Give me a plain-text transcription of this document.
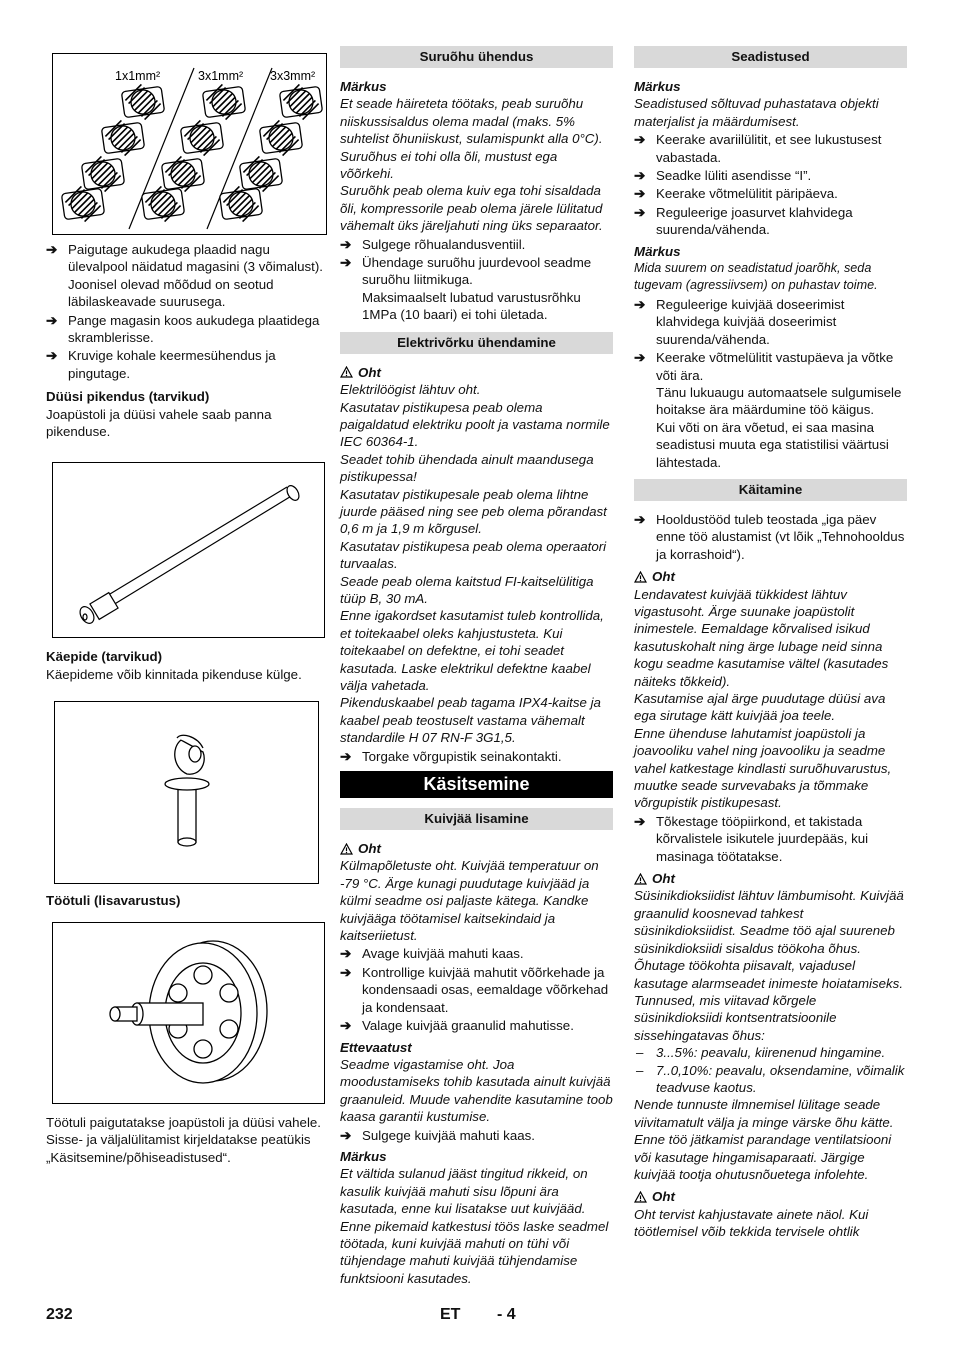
1x1mm²	3x1mm² 3x3mm²
➔ Paigutage aukudega plaadid nagu ülevalpool näidatud magasini (3 võimalust). Joonisel olevad mõõdud on seotud läbilaskeavade suurusega.
➔ Pange magasin koos aukudega plaatidega skramblerisse.
➔ Kruvige kohale keermesühendus ja pingutage.

Düüsi pikendus (tarvikud)

Joapüstoli ja düüsi vahele saab panna pikenduse.

Käepide (tarvikud)

Käepideme võib kinnitada pikenduse külge.

Töötuli (lisavarustus)

Töötuli paigutatakse joapüstoli ja düüsi vahele. Sisse- ja väljalülitamist kirjeldatakse peatükis „Käsitsemine/põhiseadistused“.

Suruõhu ühendus

Märkus

Et seade häireteta töötaks, peab suruõhu niiskussisaldus olema madal (maks. 5% suhtelist õhuniiskust, sulamispunkt alla 0°C). Suruõhus ei tohi olla õli, mustust ega võõrkehi.

Suruõhk peab olema kuiv ega tohi sisaldada õli, kompressorile peab olema järele lülitatud vähemalt üks järeljahuti ning üks separaator.

➔ Sulgege rõhualandusventiil.
➔ Ühendage suruõhu juurdevool seadme suruõhu liitmikuga.

Maksimaalselt lubatud varustusrõhku 1MPa (10 baari) ei tohi ületada.

Elektrivõrku ühendamine
Oht

Elektrilöögist lähtuv oht.

Kasutatav pistikupesa peab olema paigaldatud elektriku poolt ja vastama normile IEC 60364-1.

Seadet tohib ühendada ainult maandusega pistikupessa!

Kasutatav pistikupesale peab olema lihtne juurde pääsed ning see peb olema põrandast 0,6 m ja 1,9 m kõrgusel.

Kasutatav pistikupesa peab olema operaatori turvaalas.

Seade peab olema kaitstud FI-kaitselülitiga tüüp B, 30 mA.

Enne igakordset kasutamist tuleb kontrollida, et toitekaabel oleks kahjustusteta. Kui toitekaabel on defektne, ei tohi seadet kasutada. Laske elektrikul defektne kaabel välja vahetada.

Pikenduskaabel peab tagama IPX4-kaitse ja kaabel peab teostuselt vastama vähemalt standardile H 07 RN-F 3G1,5.

➔ Torgake võrgupistik seinakontakti.
Käsitsemine
Kuivjää lisamine
Oht

Külmapõletuste oht. Kuivjää temperatuur on -79 °C. Ärge kunagi puudutage kuivjääd ja külmi seadme osi paljaste kätega. Kandke kuivjääga töötamisel kaitsekindaid ja kaitseriietust.

➔ Avage kuivjää mahuti kaas.
➔ Kontrollige kuivjää mahutit võõrkehade ja kondensaadi osas, eemaldage võõrkehad ja kondensaat.
➔ Valage kuivjää graanulid mahutisse.

Ettevaatust

Seadme vigastamise oht. Joa moodustamiseks tohib kasutada ainult kuivjää graanuleid. Muude vahendite kasutamine toob kaasa garantii kustumise.

➔ Sulgege kuivjää mahuti kaas.

Märkus

Et vältida sulanud jääst tingitud rikkeid, on kasulik kuivjää mahuti sisu lõpuni ära kasutada, enne kui lisatakse uut kuivjääd. Enne pikemaid katkestusi töös laske seadmel töötada, kuni kuivjää mahuti on tühi või tühjendage mahuti kuivjää tühjendamise funktsiooni kasutades.

Seadistused

Märkus

Seadistused sõltuvad puhastatava objekti materjalist ja määrdumisest.

➔ Keerake avariilülitit, et see lukustusest vabastada.
➔ Seadke lüliti asendisse “I”.
➔ Keerake võtmelülitit päripäeva.
➔ Reguleerige joasurvet klahvidega suurenda/vähenda.

Märkus

Mida suurem on seadistatud joarõhk, seda tugevam (agressiivsem) on puhastav toime.

➔ Reguleerige kuivjää doseerimist klahvidega kuivjää doseerimist suurenda/vähenda.
➔ Keerake võtmelülitit vastupäeva ja võtke võti ära.

Tänu lukuaugu automaatsele sulgumisele hoitakse ära määrdumine töö käigus.

Kui võti on ära võetud, ei saa masina seadistusi muuta ega statistilisi väärtusi lähtestada.

Käitamine
➔ Hooldustööd tuleb teostada „iga päev enne töö alustamist (vt lõik „Tehnohooldus ja korrashoid“).
Oht

Lendavatest kuivjää tükkidest lähtuv vigastusoht. Ärge suunake joapüstolit inimestele. Eemaldage kõrvalised isikud kasutuskohalt ning ärge lubage neid sinna kogu seadme kasutamise vältel (kasutades näiteks tõkkeid).

Kasutamise ajal ärge puudutage düüsi ava ega sirutage kätt kuivjää joa teele.

Enne ühenduse lahutamist joapüstoli ja joavooliku vahel ning joavooliku ja seadme vahel katkestage kindlasti suruõhuvarustus, muutke seade survevabaks ja tõmmake võrgupistik pistikupesast.

➔ Tõkestage tööpiirkond, et takistada kõrvalistele isikutele juurdepääs, kui masinaga töötatakse.
Oht

Süsinikdioksiidist lähtuv lämbumisoht. Kuivjää graanulid koosnevad tahkest süsinikdioksiidist. Seadme töö ajal suureneb süsinikdioksiidi sisaldus töökoha õhus. Õhutage töökohta piisavalt, vajadusel kasutage alarmseadet inimeste hoiatamiseks. Tunnused, mis viitavad kõrgele süsinikdioksiidi kontsentratsioonile sissehingatavas õhus:

– 3...5%: peavalu, kiirenenud hingamine.
– 7..0,10%: peavalu, oksendamine, võimalik teadvuse kaotus.

Nende tunnuste ilmnemisel lülitage seade viivitamatult välja ja minge värske õhu kätte. Enne töö jätkamist parandage ventilatsiooni või kasutage hingamisaparaati. Järgige kuivjää tootja ohutusnõuetega infolehte.

Oht

Oht tervist kahjustavate ainete näol. Kui töötlemisel võib tekkida tervisele ohtlik

232	ET - 4
